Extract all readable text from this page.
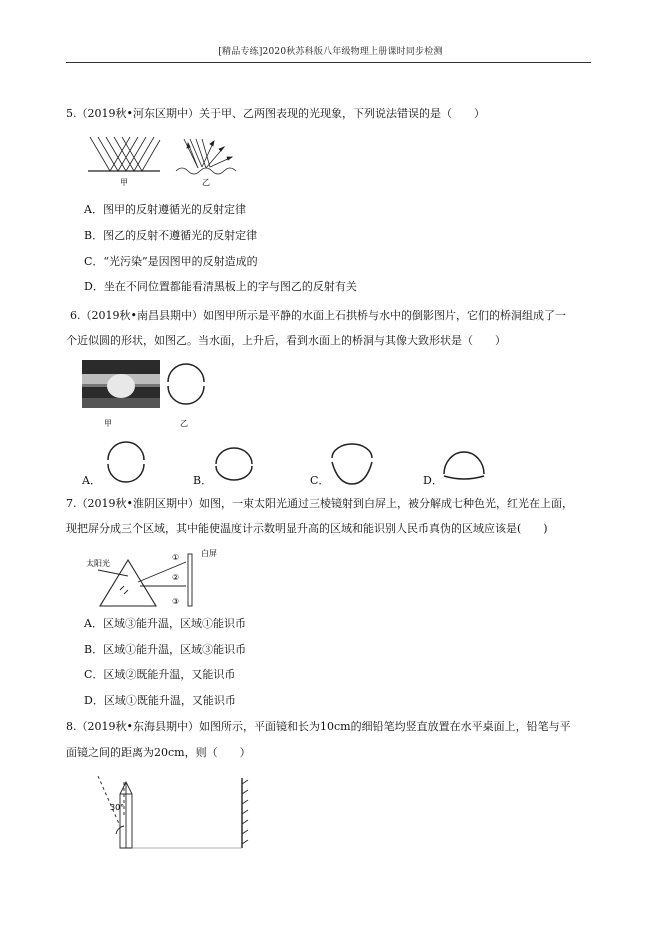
[精品专练]2020秋苏科版八年级物理上册课时同步检测
5.（2019秋•河东区期中）关于甲、乙两图表现的光现象，下列说法错误的是（　　）
甲	乙
A．图甲的反射遵循光的反射定律
B．图乙的反射不遵循光的反射定律
C．“光污染”是因图甲的反射造成的
D．坐在不同位置都能看清黑板上的字与图乙的反射有关
6.（2019秋•南昌县期中）如图甲所示是平静的水面上石拱桥与水中的倒影图片，它们的桥洞组成了一
个近似圆的形状，如图乙。当水面，上升后，看到水面上的桥洞与其像大致形状是（　　）
甲	乙
A．	B．	C．	D．
7.（2019秋•淮阴区期中）如图，一束太阳光通过三棱镜射到白屏上，被分解成七种色光，红光在上面，
现把屏分成三个区域，其中能使温度计示数明显升高的区域和能识别人民币真伪的区域应该是(　　)
太阳光
白屏
①
②
③
A．区域③能升温，区域①能识币
B．区域①能升温，区域③能识币
C．区域②既能升温，又能识币
D．区域①既能升温，又能识币
8.（2019秋•东海县期中）如图所示，平面镜和长为10cm的细铅笔均竖直放置在水平桌面上，铅笔与平
面镜之间的距离为20cm，则（　　）
30°
